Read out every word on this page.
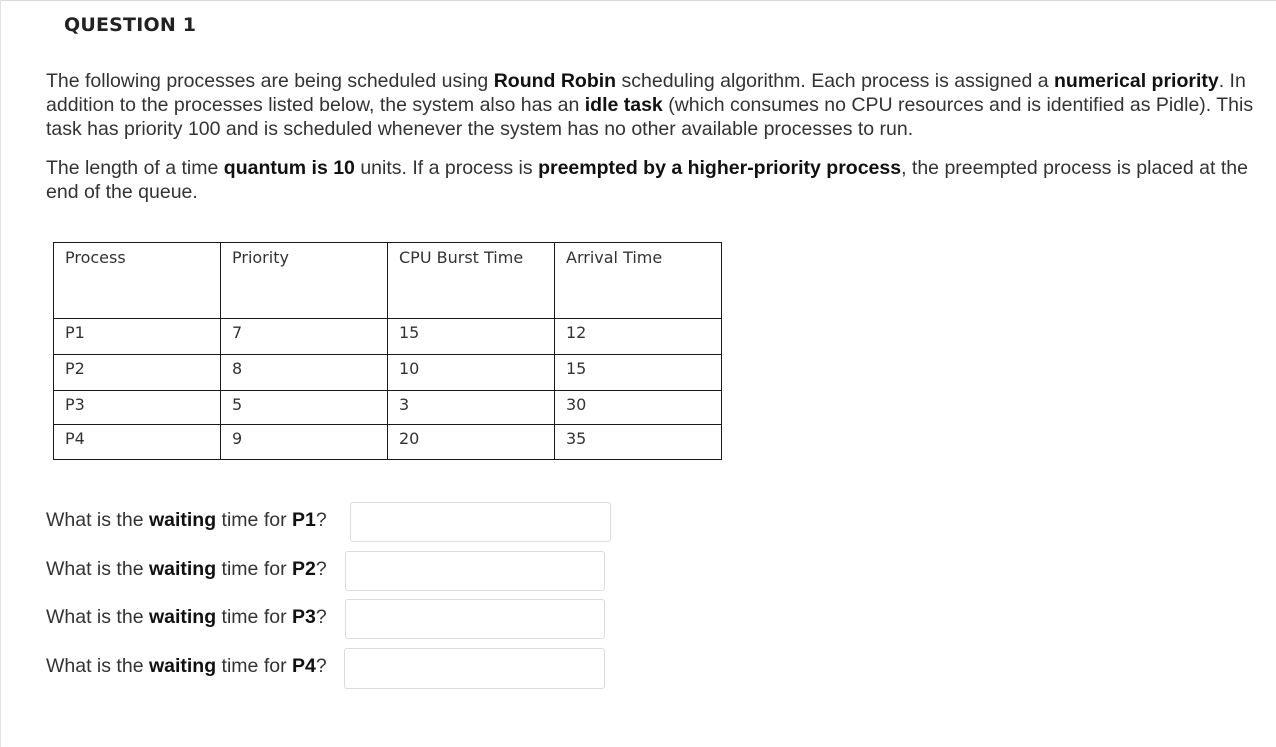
QUESTION 1

The following processes are being scheduled using Round Robin scheduling algorithm. Each process is assigned a numerical priority. In addition to the processes listed below, the system also has an idle task (which consumes no CPU resources and is identified as Pidle). This task has priority 100 and is scheduled whenever the system has no other available processes to run.

The length of a time quantum is 10 units. If a process is preempted by a higher-priority process, the preempted process is placed at the end of the queue.

Process	Priority	CPU Burst Time	Arrival Time
P1	7	15	12
P2	8	10	15
P3	5	3	30
P4	9	20	35
What is the waiting time for P1?
What is the waiting time for P2?
What is the waiting time for P3?
What is the waiting time for P4?
